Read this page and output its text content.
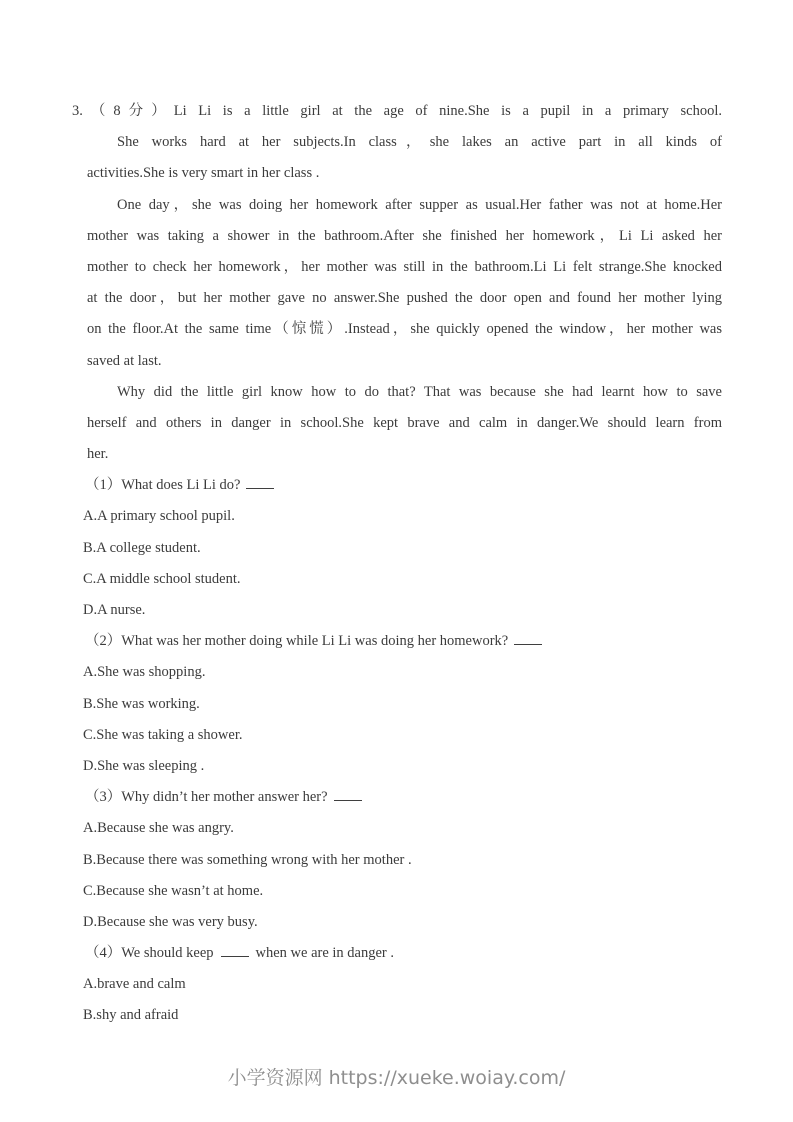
3.（8分）Li Li is a little girl at the age of nine.She is a pupil in a primary school.
She works hard at her subjects.In class，she lakes an active part in all kinds of
activities.She is very smart in her class .
One day，she was doing her homework after supper as usual.Her father was not at home.Her
mother was taking a shower in the bathroom.After she finished her homework，Li Li asked her
mother to check her homework，her mother was still in the bathroom.Li Li felt strange.She knocked
at the door，but her mother gave no answer.She pushed the door open and found her mother lying
on the floor.At the same time（惊慌）.Instead，she quickly opened the window，her mother was
saved at last.
Why did the little girl know how to do that? That was because she had learnt how to save
herself and others in danger in school.She kept brave and calm in danger.We should learn from
her.
（1）What does Li Li do?
A.A primary school pupil.
B.A college student.
C.A middle school student.
D.A nurse.
（2）What was her mother doing while Li Li was doing her homework?
A.She was shopping.
B.She was working.
C.She was taking a shower.
D.She was sleeping .
（3）Why didn’t her mother answer her?
A.Because she was angry.
B.Because there was something wrong with her mother .
C.Because she wasn’t at home.
D.Because she was very busy.
（4）We should keep	when we are in danger .
A.brave and calm
B.shy and afraid
小学资源网 https://xueke.woiay.com/
